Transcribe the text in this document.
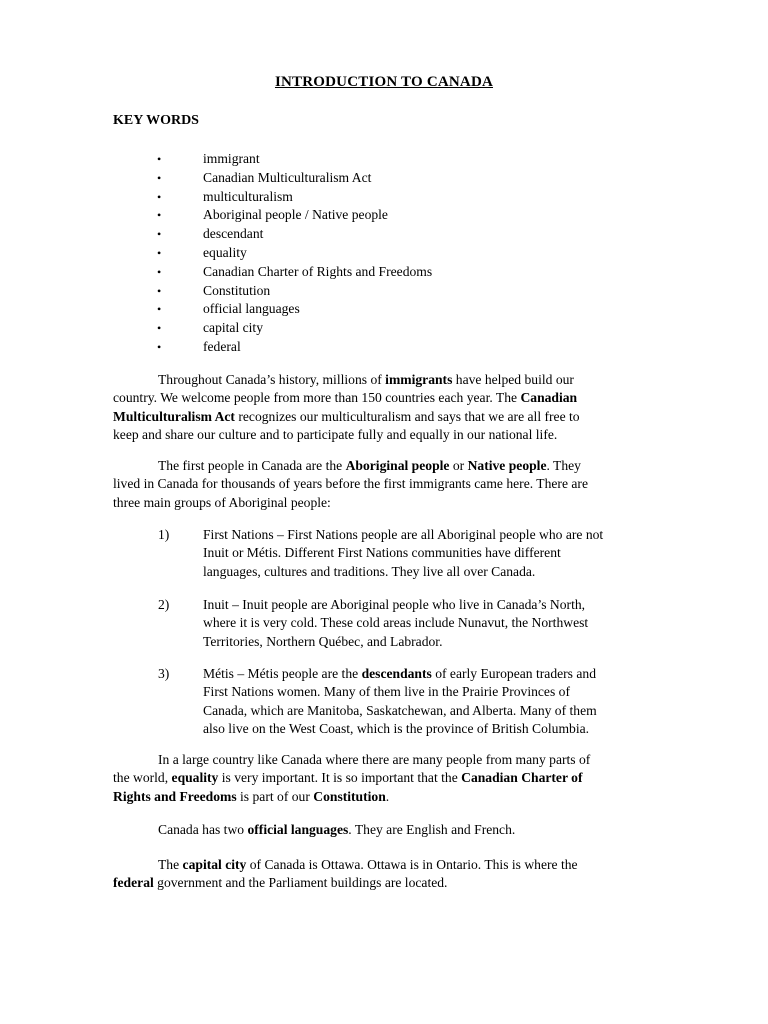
INTRODUCTION TO CANADA
KEY WORDS
•	immigrant
•	Canadian Multiculturalism Act
•	multiculturalism
•	Aboriginal people / Native people
•	descendant
•	equality
•	Canadian Charter of Rights and Freedoms
•	Constitution
•	official languages
•	capital city
•	federal
Throughout Canada’s history, millions of immigrants have helped build our
country. We welcome people from more than 150 countries each year. The Canadian
Multiculturalism Act recognizes our multiculturalism and says that we are all free to
keep and share our culture and to participate fully and equally in our national life.
The first people in Canada are the Aboriginal people or Native people. They
lived in Canada for thousands of years before the first immigrants came here. There are
three main groups of Aboriginal people:
1) First Nations – First Nations people are all Aboriginal people who are not
Inuit or Métis. Different First Nations communities have different
languages, cultures and traditions. They live all over Canada.
2) Inuit – Inuit people are Aboriginal people who live in Canada’s North,
where it is very cold. These cold areas include Nunavut, the Northwest
Territories, Northern Québec, and Labrador.
3) Métis – Métis people are the descendants of early European traders and
First Nations women. Many of them live in the Prairie Provinces of
Canada, which are Manitoba, Saskatchewan, and Alberta. Many of them
also live on the West Coast, which is the province of British Columbia.
In a large country like Canada where there are many people from many parts of
the world, equality is very important. It is so important that the Canadian Charter of
Rights and Freedoms is part of our Constitution.
Canada has two official languages. They are English and French.
The capital city of Canada is Ottawa. Ottawa is in Ontario. This is where the
federal government and the Parliament buildings are located.
